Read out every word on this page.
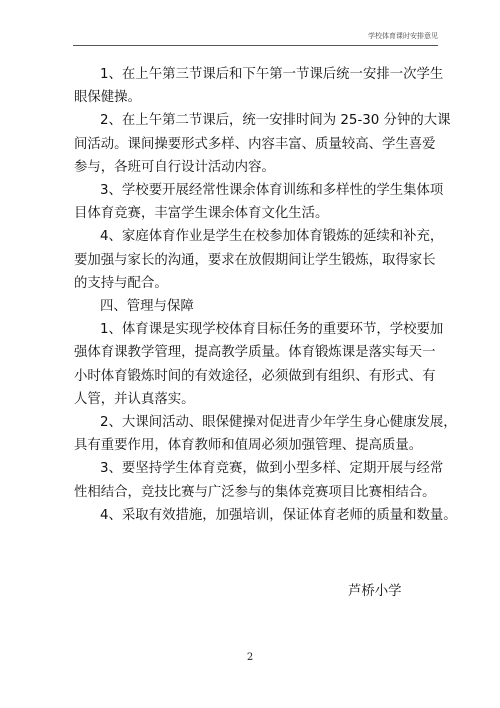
学校体育课时安排意见

1、在上午第三节课后和下午第一节课后统一安排一次学生
眼保健操。

2、在上午第二节课后，统一安排时间为 25-30 分钟的大课
间活动。课间操要形式多样、内容丰富、质量较高、学生喜爱
参与，各班可自行设计活动内容。

3、学校要开展经常性课余体育训练和多样性的学生集体项
目体育竞赛，丰富学生课余体育文化生活。

4、家庭体育作业是学生在校参加体育锻炼的延续和补充，
要加强与家长的沟通，要求在放假期间让学生锻炼，取得家长
的支持与配合。

四、管理与保障

1、体育课是实现学校体育目标任务的重要环节，学校要加
强体育课教学管理，提高教学质量。体育锻炼课是落实每天一
小时体育锻炼时间的有效途径，必须做到有组织、有形式、有
人管，并认真落实。

2、大课间活动、眼保健操对促进青少年学生身心健康发展，
具有重要作用，体育教师和值周必须加强管理、提高质量。

3、要坚持学生体育竞赛，做到小型多样、定期开展与经常
性相结合，竞技比赛与广泛参与的集体竞赛项目比赛相结合。

4、采取有效措施，加强培训，保证体育老师的质量和数量。

芦桥小学
2
